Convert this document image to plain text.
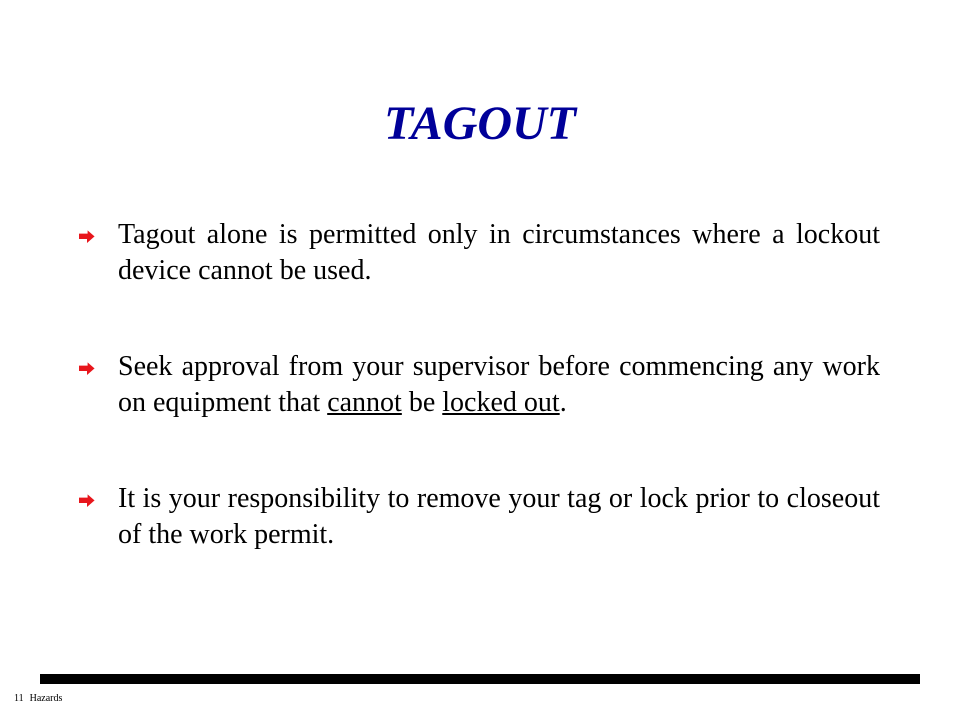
TAGOUT
Tagout alone is permitted only in circumstances where a lockout device cannot be used.
Seek approval from your supervisor before commencing any work on equipment that cannot be locked out.
It is your responsibility to remove your tag or lock prior to closeout of the work permit.
11 Hazards
